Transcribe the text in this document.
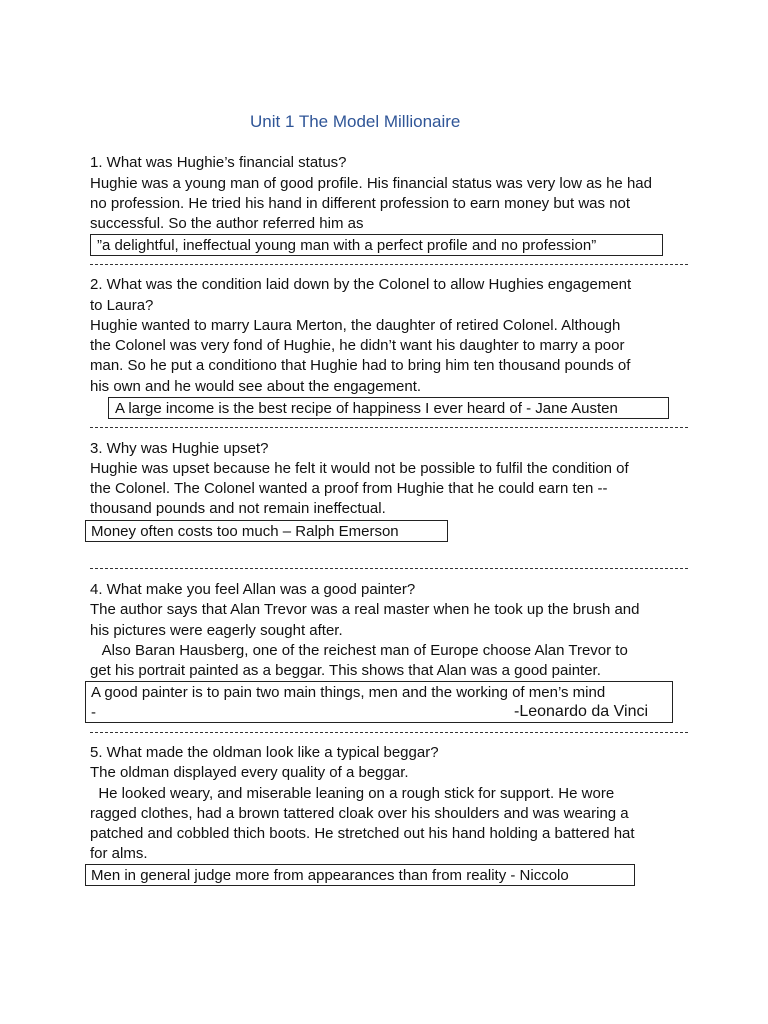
Unit 1 The Model Millionaire
1. What was Hughie’s financial status?
Hughie was a young man of good profile. His financial status was very low as he had
no profession. He tried his hand in different profession to earn money but was not
successful. So the author referred him as
”a delightful, ineffectual young man with a perfect profile and no profession”
2. What was the condition laid down by the Colonel to allow Hughies engagement
to Laura?
Hughie wanted to marry Laura Merton, the daughter of retired Colonel. Although
the Colonel was very fond of Hughie, he didn’t want his daughter to marry a poor
man. So he put a conditiono that Hughie had to bring him ten thousand pounds of
his own and he would see about the engagement.
A large income is the best recipe of happiness I ever heard of - Jane Austen
3. Why was Hughie upset?
Hughie was upset because he felt it would not be possible to fulfil the condition of
the Colonel. The Colonel wanted a proof from Hughie that he could earn ten --
thousand pounds and not remain ineffectual.
Money often costs too much – Ralph Emerson
4. What make you feel Allan was a good painter?
The author says that Alan Trevor was a real master when he took up the brush and
his pictures were eagerly sought after.
Also Baran Hausberg, one of the reichest man of Europe choose Alan Trevor to
get his portrait painted as a beggar. This shows that Alan was a good painter.
A good painter is to pain two main things, men and the working of men’s mind
-	-Leonardo da Vinci
5. What made the oldman look like a typical beggar?
The oldman displayed every quality of a beggar.
He looked weary, and miserable leaning on a rough stick for support. He wore
ragged clothes, had a brown tattered cloak over his shoulders and was wearing a
patched and cobbled thich boots. He stretched out his hand holding a battered hat
for alms.
Men in general judge more from appearances than from reality - Niccolo
